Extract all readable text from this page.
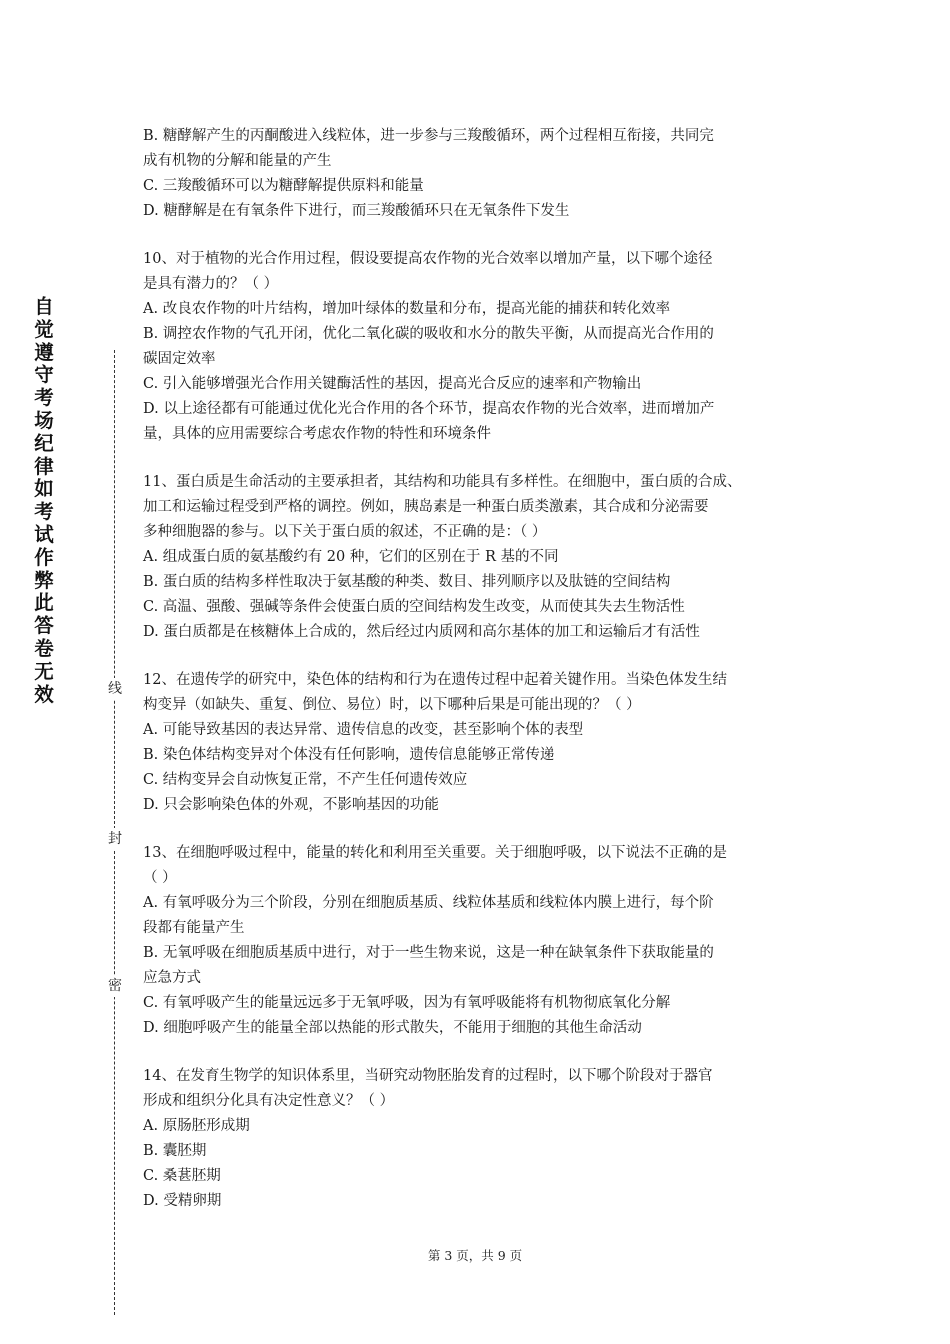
自觉遵守考场纪律如考试作弊此答卷无效	线
封
密
B. 糖酵解产生的丙酮酸进入线粒体，进一步参与三羧酸循环，两个过程相互衔接，共同完
成有机物的分解和能量的产生
C. 三羧酸循环可以为糖酵解提供原料和能量
D. 糖酵解是在有氧条件下进行，而三羧酸循环只在无氧条件下发生
10、对于植物的光合作用过程，假设要提高农作物的光合效率以增加产量，以下哪个途径
是具有潜力的？（ ）
A. 改良农作物的叶片结构，增加叶绿体的数量和分布，提高光能的捕获和转化效率
B. 调控农作物的气孔开闭，优化二氧化碳的吸收和水分的散失平衡，从而提高光合作用的
碳固定效率
C. 引入能够增强光合作用关键酶活性的基因，提高光合反应的速率和产物输出
D. 以上途径都有可能通过优化光合作用的各个环节，提高农作物的光合效率，进而增加产
量，具体的应用需要综合考虑农作物的特性和环境条件
11、蛋白质是生命活动的主要承担者，其结构和功能具有多样性。在细胞中，蛋白质的合成、
加工和运输过程受到严格的调控。例如，胰岛素是一种蛋白质类激素，其合成和分泌需要
多种细胞器的参与。以下关于蛋白质的叙述，不正确的是：（ ）
A. 组成蛋白质的氨基酸约有 20 种，它们的区别在于 R 基的不同
B. 蛋白质的结构多样性取决于氨基酸的种类、数目、排列顺序以及肽链的空间结构
C. 高温、强酸、强碱等条件会使蛋白质的空间结构发生改变，从而使其失去生物活性
D. 蛋白质都是在核糖体上合成的，然后经过内质网和高尔基体的加工和运输后才有活性
12、在遗传学的研究中，染色体的结构和行为在遗传过程中起着关键作用。当染色体发生结
构变异（如缺失、重复、倒位、易位）时，以下哪种后果是可能出现的？（ ）
A. 可能导致基因的表达异常、遗传信息的改变，甚至影响个体的表型
B. 染色体结构变异对个体没有任何影响，遗传信息能够正常传递
C. 结构变异会自动恢复正常，不产生任何遗传效应
D. 只会影响染色体的外观，不影响基因的功能
13、在细胞呼吸过程中，能量的转化和利用至关重要。关于细胞呼吸，以下说法不正确的是
（ ）
A. 有氧呼吸分为三个阶段，分别在细胞质基质、线粒体基质和线粒体内膜上进行，每个阶
段都有能量产生
B. 无氧呼吸在细胞质基质中进行，对于一些生物来说，这是一种在缺氧条件下获取能量的
应急方式
C. 有氧呼吸产生的能量远远多于无氧呼吸，因为有氧呼吸能将有机物彻底氧化分解
D. 细胞呼吸产生的能量全部以热能的形式散失，不能用于细胞的其他生命活动
14、在发育生物学的知识体系里，当研究动物胚胎发育的过程时，以下哪个阶段对于器官
形成和组织分化具有决定性意义？（ ）
A. 原肠胚形成期
B. 囊胚期
C. 桑葚胚期
D. 受精卵期
第 3 页，共 9 页
